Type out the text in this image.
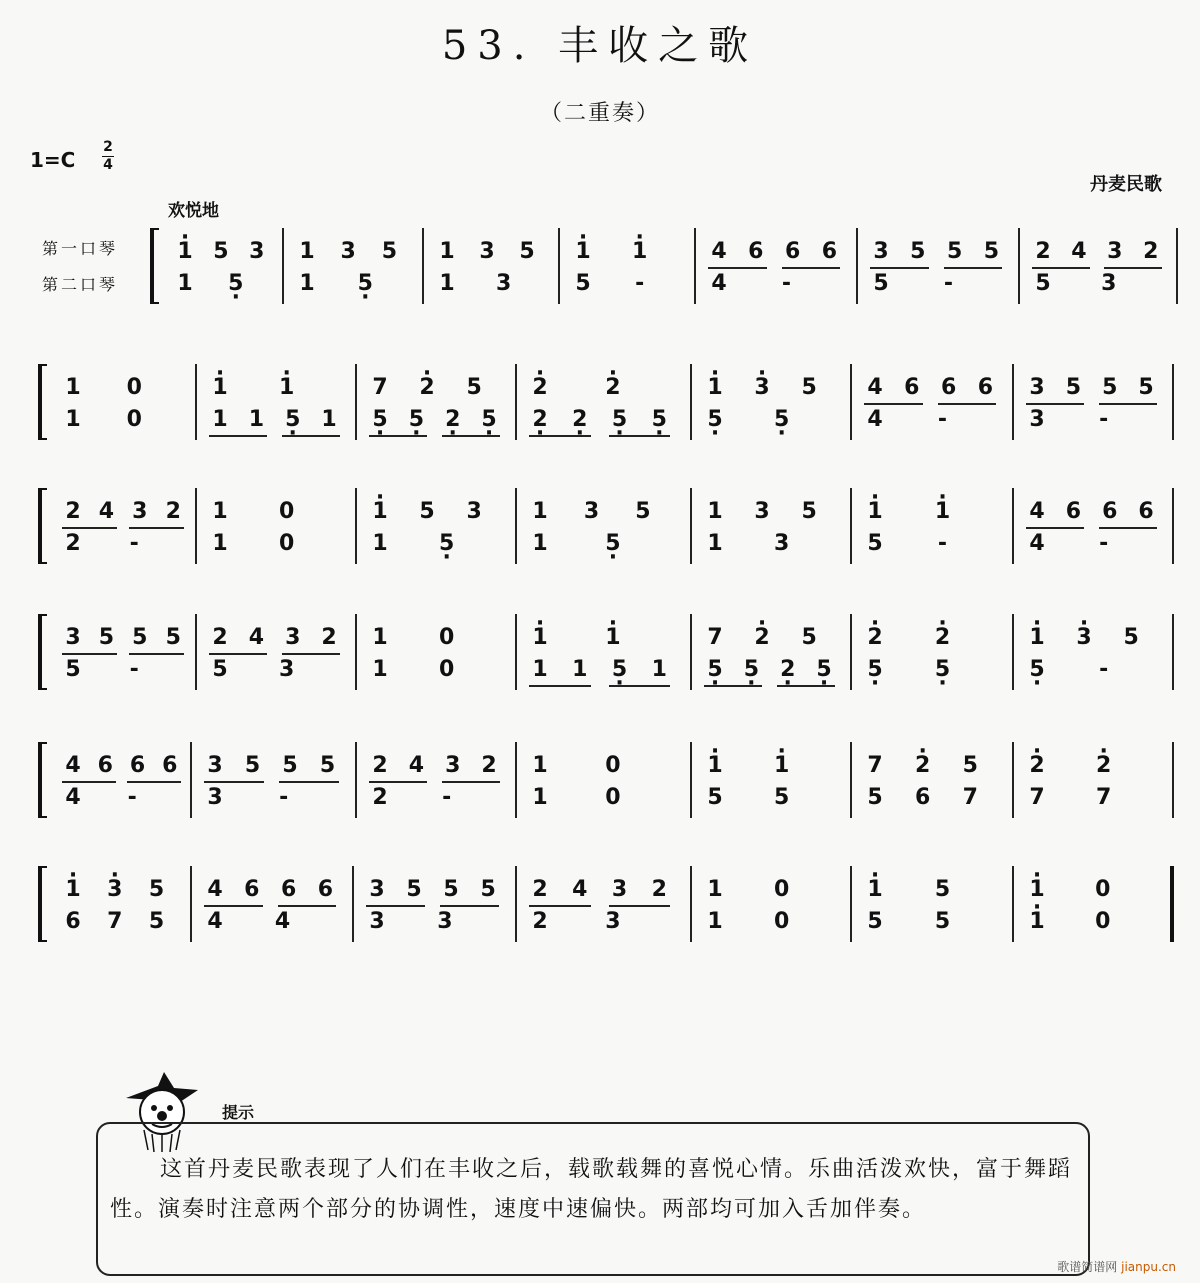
53. 丰收之歌
（二重奏）
1=C
2
4
丹麦民歌
欢悦地
第一口琴
第二口琴
· 1 5 3
1	5 ·
1	3	5
1	5 ·
1	3	5
1	3
· 1	· 1
5	-
4 6 6 6
4	-
3 5 5 5
5	-
2 4 3 2
5	3
1	0
1	0
· 1	· 1
1 1 5 · 1
7	· 2	5
5 · 5 · 2 · 5 ·
· 2	· 2
2 ·	2 ·	5 ·	5 ·
· 1	· 3	5
5 ·	5 ·
4 6 6 6
4	-
3 5 5 5
3	-
2 4 3 2
2	-
1	0
1	0
· 1	5	3
1	5 ·
1	3	5
1	5 ·
1	3	5
1	3
· 1	· 1
5	-
4 6 6 6
4	-
3 5 5 5
5	-
2 4 3 2
5	3
1	0
1	0
· 1	· 1
1	1	5 ·	1
7	· 2	5
5 · 5 · 2 · 5 ·
· 2	· 2
5 ·	5 ·
· 1	· 3	5
5 ·	-
4 6 6 6
4	-
3	5	5	5
3	-
2 4 3 2
2	-
1	0
1	0
· 1	· 1
5	5
7	· 2	5
5	6	7
· 2	· 2
7	7
· 1	· 3	5
6	7	5
4 6 6 6
4	4
3 5 5 5
3	3
2	4	3	2
2	3
1	0
1	0
· 1	5
5	5
· 1	0
· 1	0
提示
这首丹麦民歌表现了人们在丰收之后，载歌载舞的喜悦心情。乐曲活泼欢快，富于舞蹈性。演奏时注意两个部分的协调性，速度中速偏快。两部均可加入舌加伴奏。
歌谱简谱网 jianpu.cn
